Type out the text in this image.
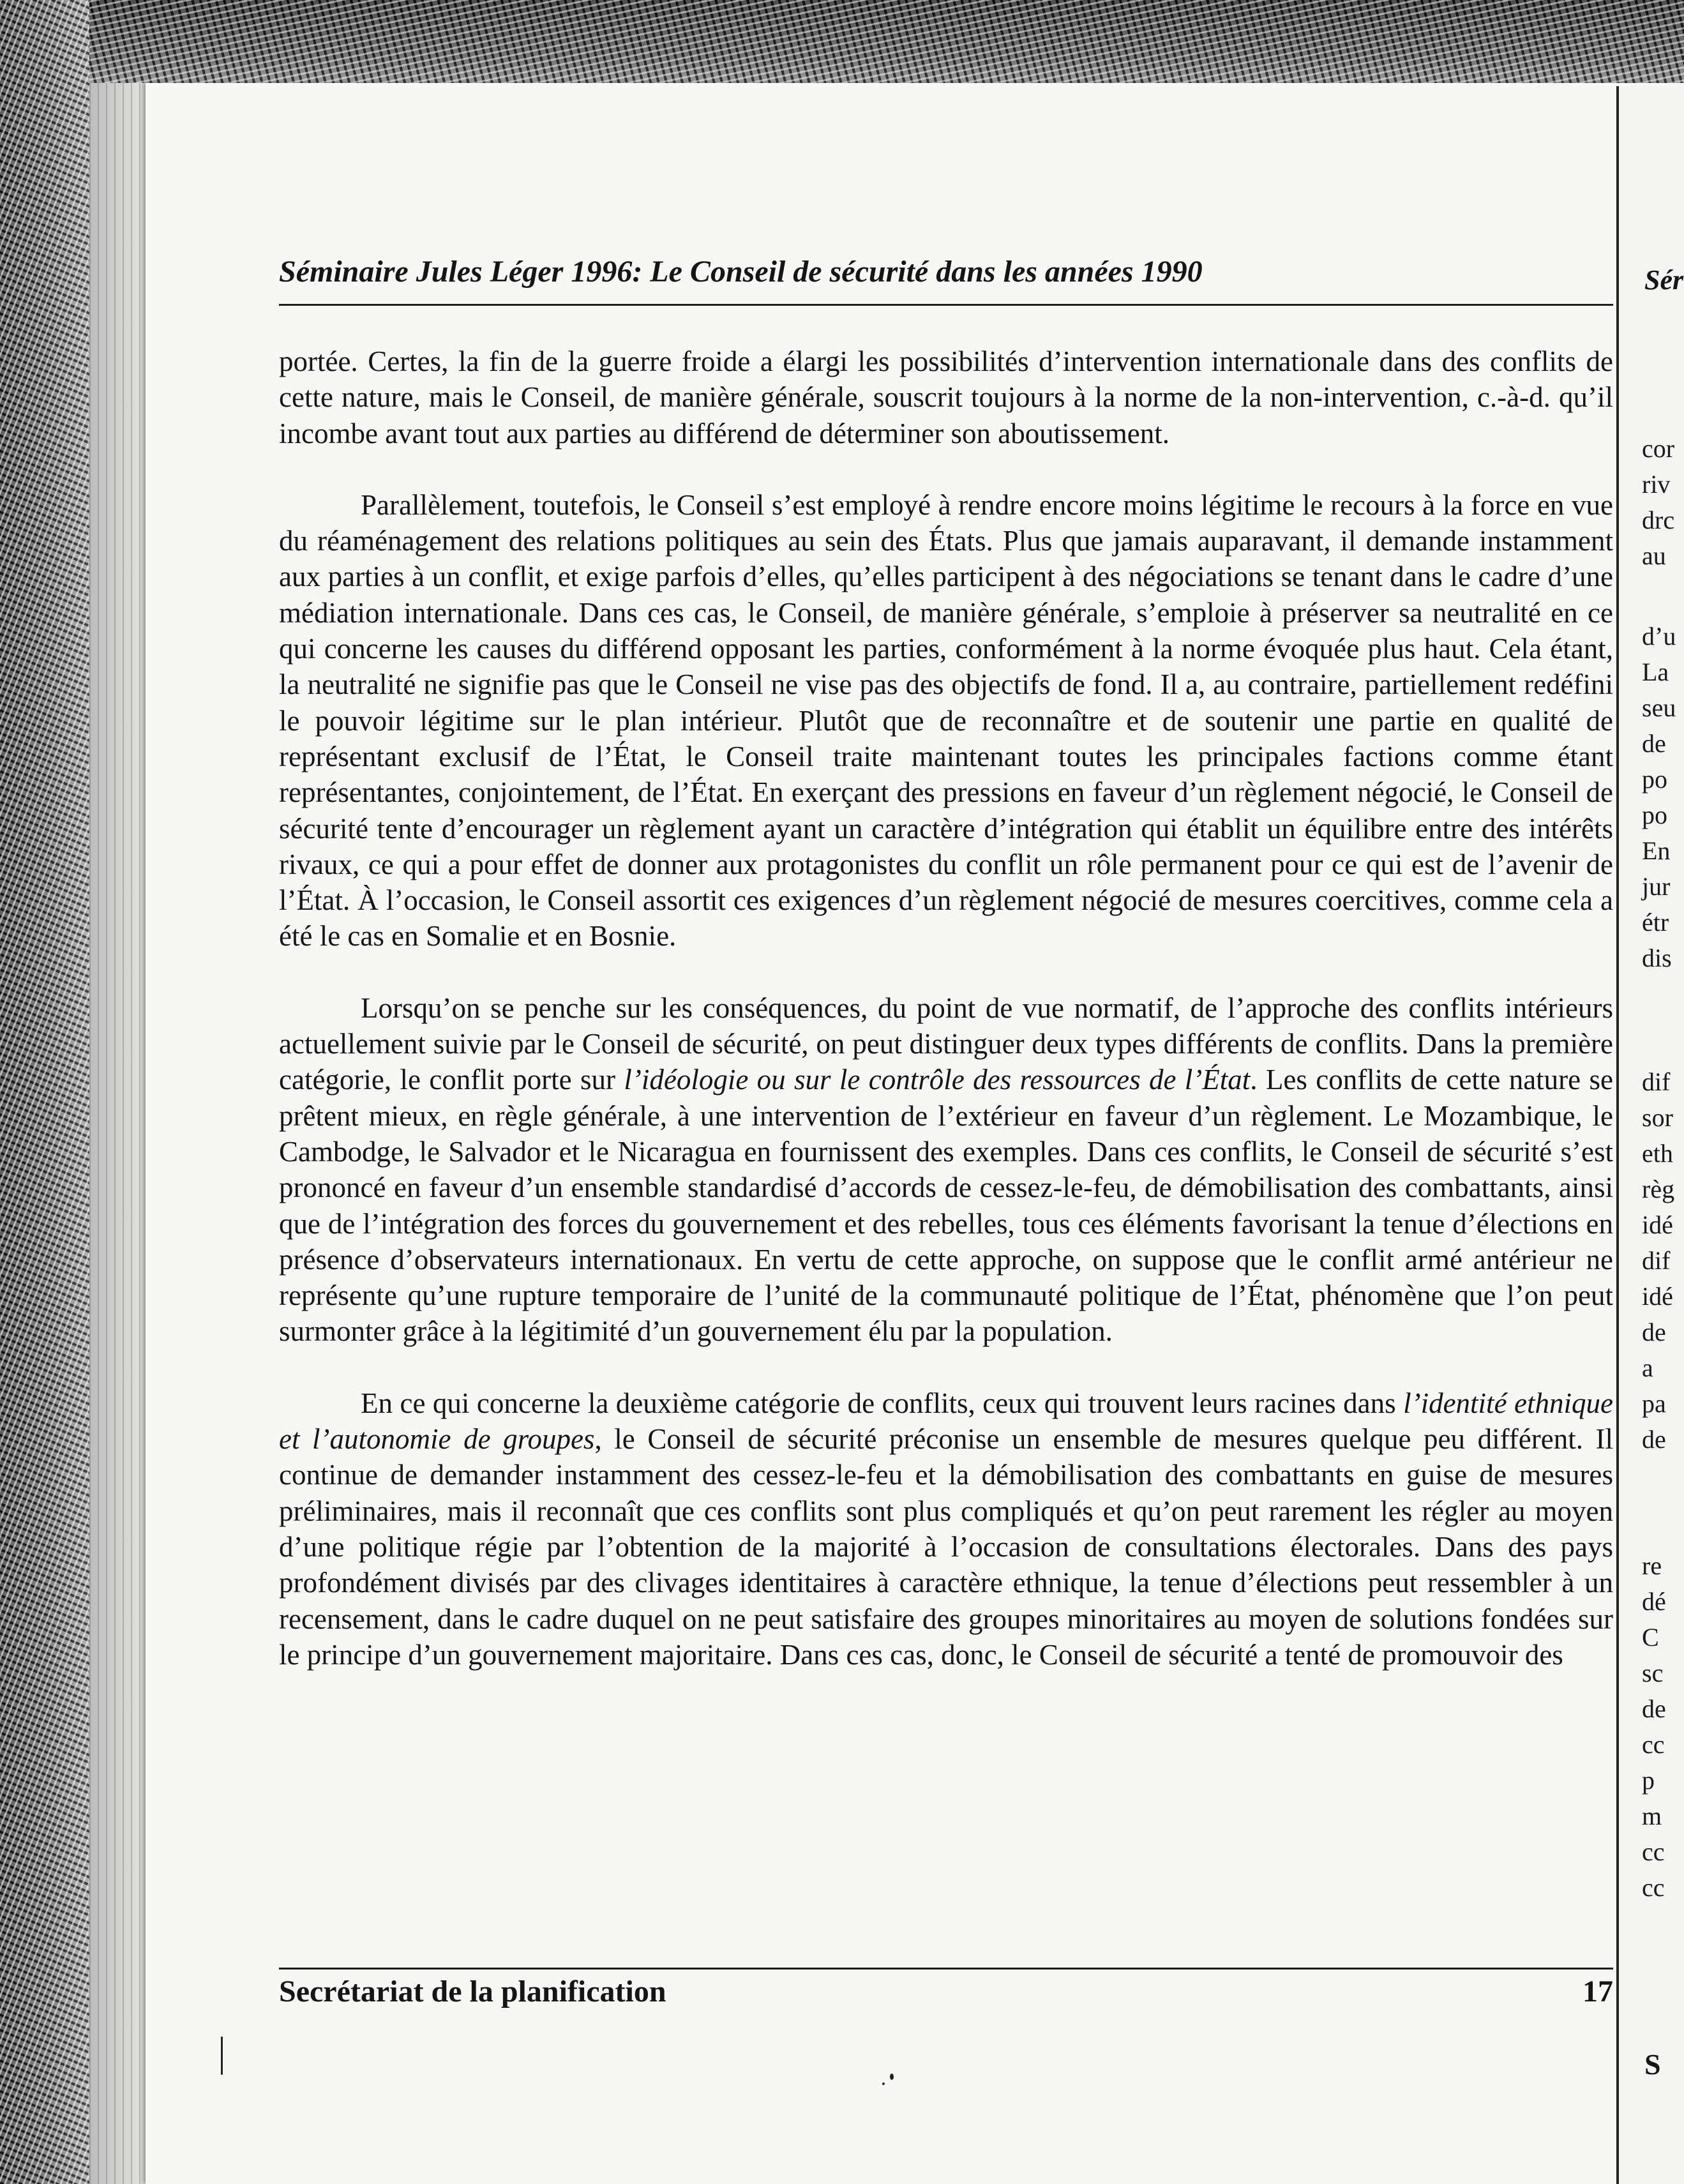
Sér
cor
riv
drc
au
d’u
La
seu
de
po
po
En
jur
étr
dis
dif
sor
eth
règ
idé
dif
idé
de
a
pa
de
re
dé
C
sc
de
cc
p
m
cc
cc
S
Séminaire Jules Léger 1996: Le Conseil de sécurité dans les années 1990

portée. Certes, la fin de la guerre froide a élargi les possibilités d’intervention internationale dans des conflits de cette nature, mais le Conseil, de manière générale, souscrit toujours à la norme de la non-intervention, c.-à-d. qu’il incombe avant tout aux parties au différend de déterminer son aboutissement.

Parallèlement, toutefois, le Conseil s’est employé à rendre encore moins légitime le recours à la force en vue du réaménagement des relations politiques au sein des États. Plus que jamais auparavant, il demande instamment aux parties à un conflit, et exige parfois d’elles, qu’elles participent à des négociations se tenant dans le cadre d’une médiation internationale. Dans ces cas, le Conseil, de manière générale, s’emploie à préserver sa neutralité en ce qui concerne les causes du différend opposant les parties, conformément à la norme évoquée plus haut. Cela étant, la neutralité ne signifie pas que le Conseil ne vise pas des objectifs de fond. Il a, au contraire, partiellement redéfini le pouvoir légitime sur le plan intérieur. Plutôt que de reconnaître et de soutenir une partie en qualité de représentant exclusif de l’État, le Conseil traite maintenant toutes les principales factions comme étant représentantes, conjointement, de l’État. En exerçant des pressions en faveur d’un règlement négocié, le Conseil de sécurité tente d’encourager un règlement ayant un caractère d’intégration qui établit un équilibre entre des intérêts rivaux, ce qui a pour effet de donner aux protagonistes du conflit un rôle permanent pour ce qui est de l’avenir de l’État. À l’occasion, le Conseil assortit ces exigences d’un règlement négocié de mesures coercitives, comme cela a été le cas en Somalie et en Bosnie.

Lorsqu’on se penche sur les conséquences, du point de vue normatif, de l’approche des conflits intérieurs actuellement suivie par le Conseil de sécurité, on peut distinguer deux types différents de conflits. Dans la première catégorie, le conflit porte sur l’idéologie ou sur le contrôle des ressources de l’État. Les conflits de cette nature se prêtent mieux, en règle générale, à une intervention de l’extérieur en faveur d’un règlement. Le Mozambique, le Cambodge, le Salvador et le Nicaragua en fournissent des exemples. Dans ces conflits, le Conseil de sécurité s’est prononcé en faveur d’un ensemble standardisé d’accords de cessez-le-feu, de démobilisation des combattants, ainsi que de l’intégration des forces du gouvernement et des rebelles, tous ces éléments favorisant la tenue d’élections en présence d’observateurs internationaux. En vertu de cette approche, on suppose que le conflit armé antérieur ne représente qu’une rupture temporaire de l’unité de la communauté politique de l’État, phénomène que l’on peut surmonter grâce à la légitimité d’un gouvernement élu par la population.

En ce qui concerne la deuxième catégorie de conflits, ceux qui trouvent leurs racines dans l’identité ethnique et l’autonomie de groupes, le Conseil de sécurité préconise un ensemble de mesures quelque peu différent. Il continue de demander instamment des cessez-le-feu et la démobilisation des combattants en guise de mesures préliminaires, mais il reconnaît que ces conflits sont plus compliqués et qu’on peut rarement les régler au moyen d’une politique régie par l’obtention de la majorité à l’occasion de consultations électorales. Dans des pays profondément divisés par des clivages identitaires à caractère ethnique, la tenue d’élections peut ressembler à un recensement, dans le cadre duquel on ne peut satisfaire des groupes minoritaires au moyen de solutions fondées sur le principe d’un gouvernement majoritaire. Dans ces cas, donc, le Conseil de sécurité a tenté de promouvoir des

Secrétariat de la planification	17
